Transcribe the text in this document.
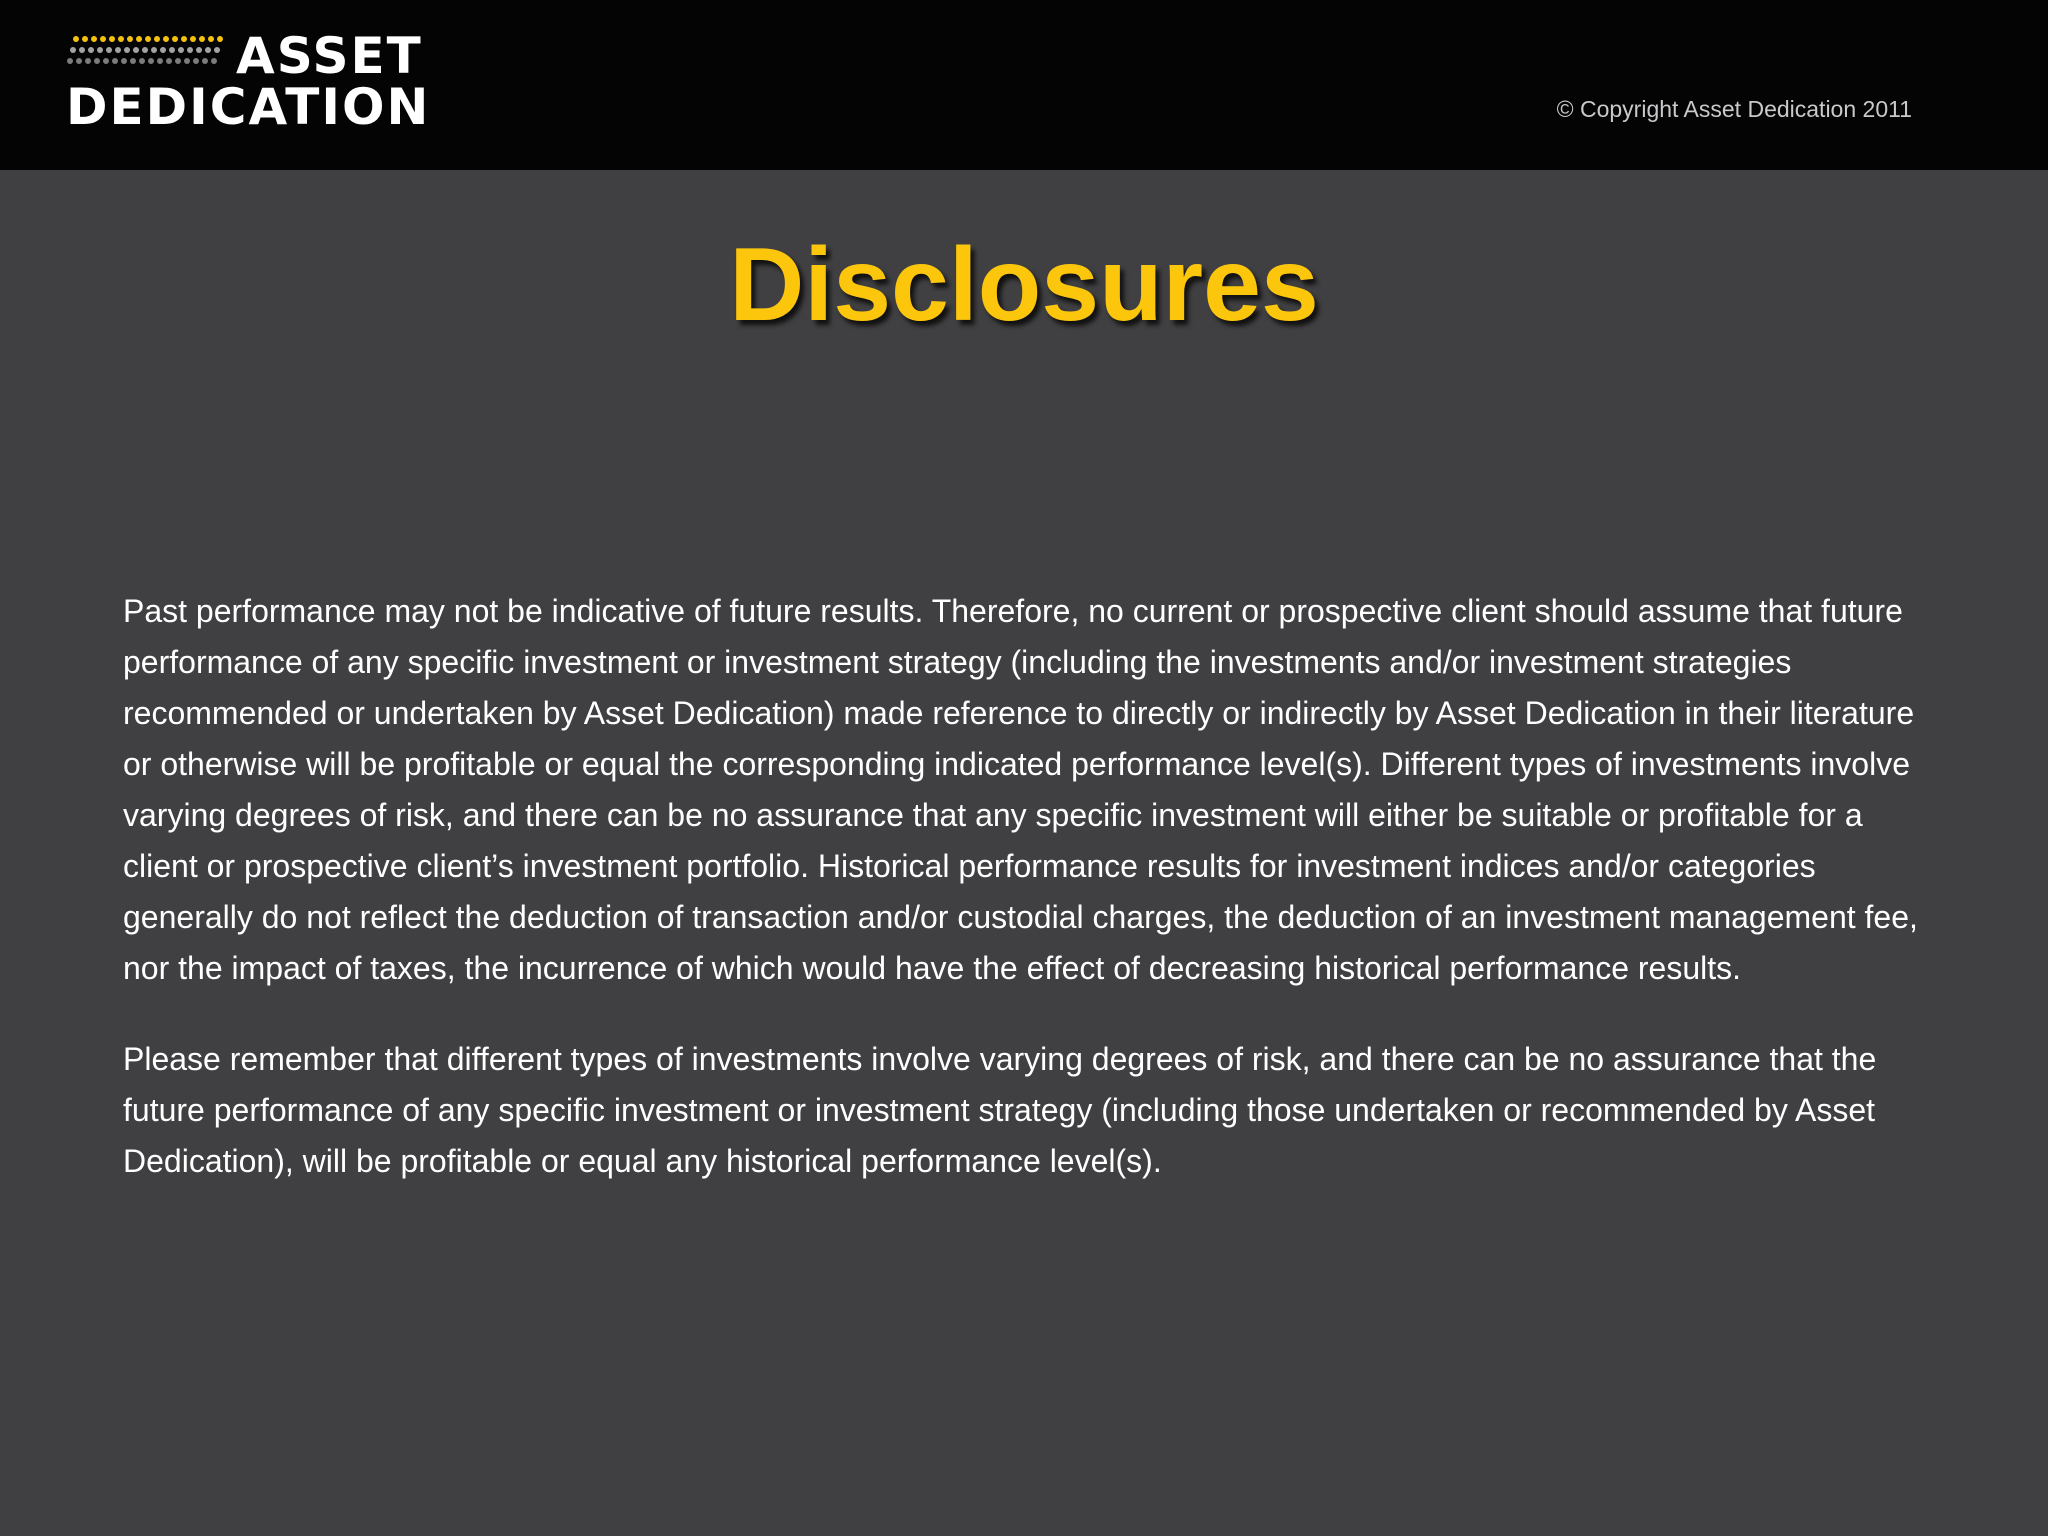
ASSET
DEDICATION	© Copyright Asset Dedication 2011
Disclosures

Past performance may not be indicative of future results. Therefore, no current or prospective client should assume that future performance of any specific investment or investment strategy (including the investments and/or investment strategies recommended or undertaken by Asset Dedication) made reference to directly or indirectly by Asset Dedication in their literature or otherwise will be profitable or equal the corresponding indicated performance level(s). Different types of investments involve varying degrees of risk, and there can be no assurance that any specific investment will either be suitable or profitable for a client or prospective client’s investment portfolio. Historical performance results for investment indices and/or categories generally do not reflect the deduction of transaction and/or custodial charges, the deduction of an investment management fee, nor the impact of taxes, the incurrence of which would have the effect of decreasing historical performance results.

Please remember that different types of investments involve varying degrees of risk, and there can be no assurance that the future performance of any specific investment or investment strategy (including those undertaken or recommended by Asset Dedication), will be profitable or equal any historical performance level(s).
